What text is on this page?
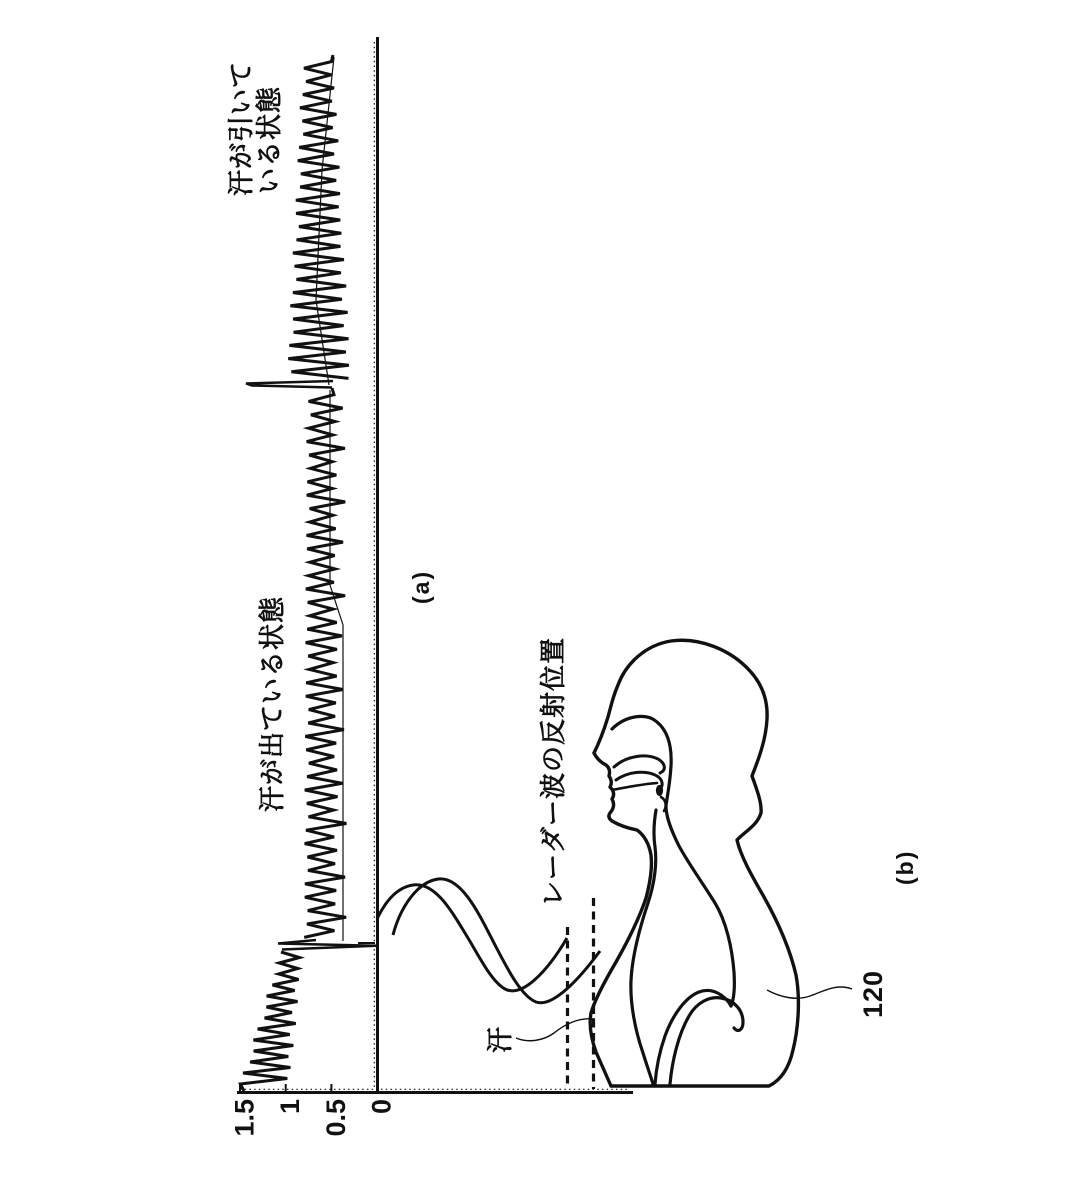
1.5 1 0.5 0
汗が引いて
いる状態
汗が出ている状態
(a)
レーダー波の反射位置
汗
120
(b)
